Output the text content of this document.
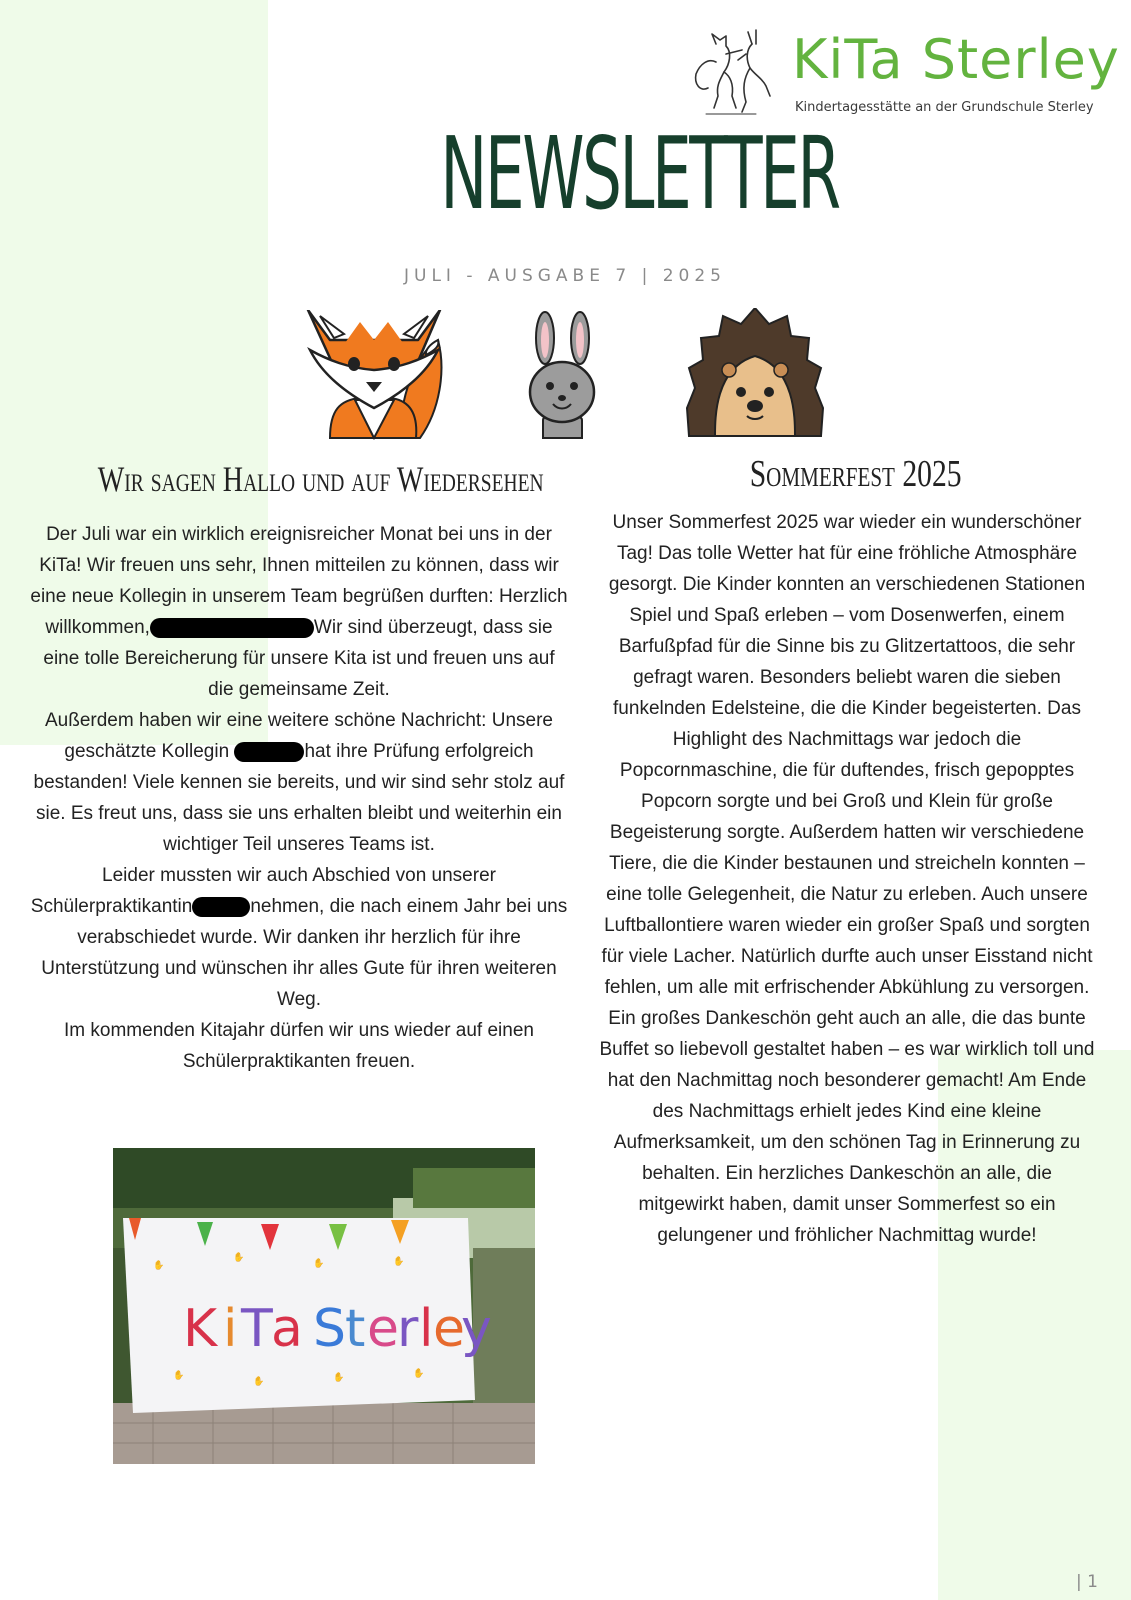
KiTa Sterley
Kindertagesstätte an der Grundschule Sterley
NEWSLETTER
JULI - AUSGABE 7 | 2025
Wir sagen Hallo und auf Wiedersehen

Der Juli war ein wirklich ereignisreicher Monat bei uns in der KiTa! Wir freuen uns sehr, Ihnen mitteilen zu können, dass wir eine neue Kollegin in unserem Team begrüßen durften: Herzlich willkommen,	Wir sind überzeugt, dass sie eine tolle Bereicherung für unsere Kita ist und freuen uns auf die gemeinsame Zeit.

Außerdem haben wir eine weitere schöne Nachricht: Unsere geschätzte Kollegin	hat ihre Prüfung erfolgreich bestanden! Viele kennen sie bereits, und wir sind sehr stolz auf sie. Es freut uns, dass sie uns erhalten bleibt und weiterhin ein wichtiger Teil unseres Teams ist.

Leider mussten wir auch Abschied von unserer Schülerpraktikantin	nehmen, die nach einem Jahr bei uns verabschiedet wurde. Wir danken ihr herzlich für ihre Unterstützung und wünschen ihr alles Gute für ihren weiteren Weg.

Im kommenden Kitajahr dürfen wir uns wieder auf einen Schülerpraktikanten freuen.

✋
✋
✋	✋
✋
✋	✋	✋
K i T
a S
t e
r l e
y
Sommerfest 2025

Unser Sommerfest 2025 war wieder ein wunderschöner Tag! Das tolle Wetter hat für eine fröhliche Atmosphäre gesorgt. Die Kinder konnten an verschiedenen Stationen Spiel und Spaß erleben – vom Dosenwerfen, einem Barfußpfad für die Sinne bis zu Glitzertattoos, die sehr gefragt waren. Besonders beliebt waren die sieben funkelnden Edelsteine, die die Kinder begeisterten. Das Highlight des Nachmittags war jedoch die Popcornmaschine, die für duftendes, frisch gepopptes Popcorn sorgte und bei Groß und Klein für große Begeisterung sorgte. Außerdem hatten wir verschiedene Tiere, die die Kinder bestaunen und streicheln konnten – eine tolle Gelegenheit, die Natur zu erleben. Auch unsere Luftballontiere waren wieder ein großer Spaß und sorgten für viele Lacher. Natürlich durfte auch unser Eisstand nicht fehlen, um alle mit erfrischender Abkühlung zu versorgen. Ein großes Dankeschön geht auch an alle, die das bunte Buffet so liebevoll gestaltet haben – es war wirklich toll und hat den Nachmittag noch besonderer gemacht! Am Ende des Nachmittags erhielt jedes Kind eine kleine Aufmerksamkeit, um den schönen Tag in Erinnerung zu behalten. Ein herzliches Dankeschön an alle, die mitgewirkt haben, damit unser Sommerfest so ein gelungener und fröhlicher Nachmittag wurde!

| 1
